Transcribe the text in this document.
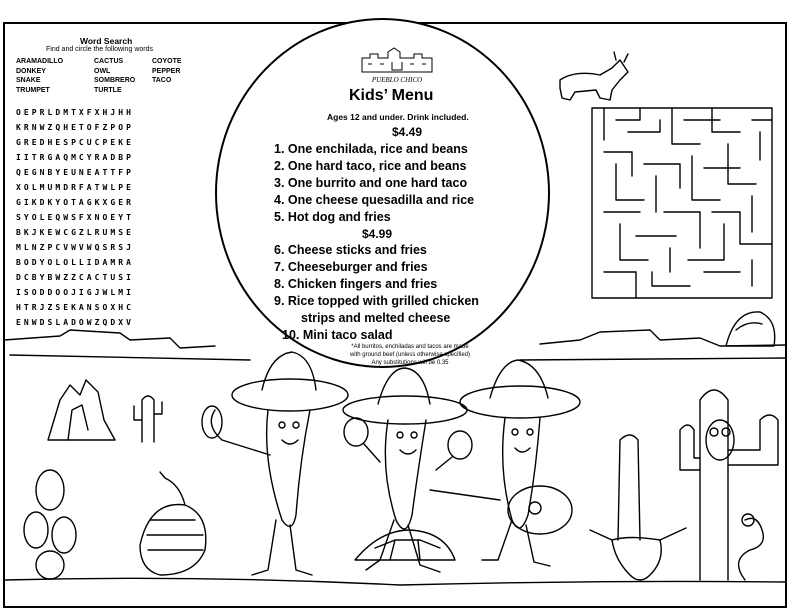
Word Search
Find and circle the following words
ARAMADILLO	CACTUS	COYOTE
DONKEY	OWL	PEPPER
SNAKE	SOMBRERO TACO
TRUMPET	TURTLE
OEPRLDMTXFXHJHH
KRNWZQHETOFZPOP
GREDHESPCUCPEKE
IITRGAQMCYRADBP
QEGNBYEUNEATTFP
XOLMUMDRFATWLPE
GIKDKYOTAGKXGER
SYOLEQWSFXNOEYT
BKJKEWCGZLRUMSE
MLNZPCVWVWQSRSJ
BODYOLOLLIDAMRA
DCBYBWZZCACTUSI
ISODDOOJIGJWLMI
HTRJZSEKANSOXHC
ENWDSLADOWZQDXV
PUEBLO CHICO
Kids’ Menu
Ages 12 and under. Drink included.
$4.49
1. One enchilada, rice and beans
2. One hard taco, rice and beans
3. One burrito and one hard taco
4. One cheese quesadilla and rice
5. Hot dog and fries
$4.99
6. Cheese sticks and fries
7. Cheeseburger and fries
8. Chicken fingers and fries
9. Rice topped with grilled chicken
strips and melted cheese
10. Mini taco salad
*All burritos, enchiladas and tacos are made
with ground beef (unless otherwise specified)
Any substitutions will be 0.35
